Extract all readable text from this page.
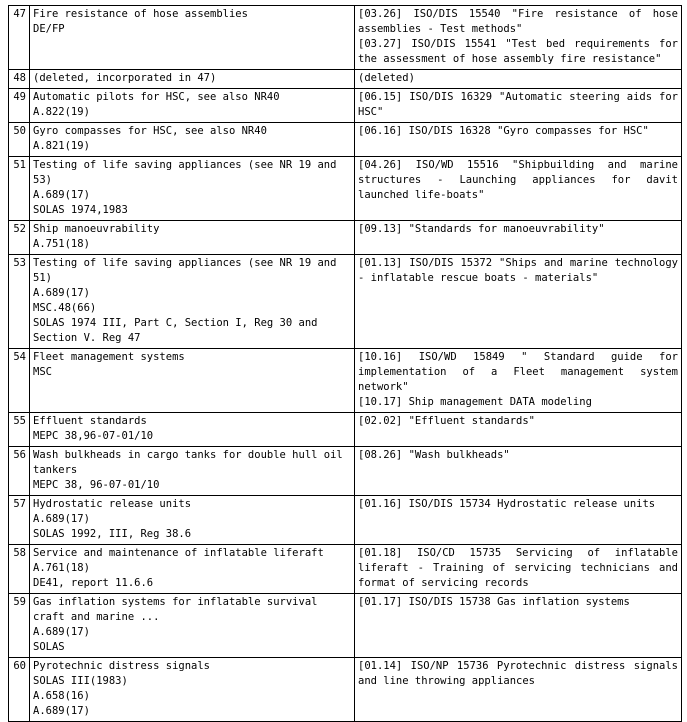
47	Fire resistance of hose assemblies
DE/FP	[03.26] ISO/DIS 15540 "Fire resistance of hose assemblies - Test methods"
[03.27] ISO/DIS 15541 "Test bed requirements for the assessment of hose assembly fire resistance"

48	(deleted, incorporated in 47)	(deleted)

49	Automatic pilots for HSC, see also NR40
A.822(19)	[06.15] ISO/DIS 16329 "Automatic steering aids for HSC"

50	Gyro compasses for HSC, see also NR40
A.821(19)	[06.16] ISO/DIS 16328 "Gyro compasses for HSC"

51	Testing of life saving appliances (see NR 19 and 53)
A.689(17)
SOLAS 1974,1983	[04.26] ISO/WD 15516 "Shipbuilding and marine structures - Launching appliances for davit launched life-boats"

52	Ship manoeuvrability
A.751(18)	[09.13] "Standards for manoeuvrability"

53	Testing of life saving appliances (see NR 19 and 51)
A.689(17)
MSC.48(66)
SOLAS 1974 III, Part C, Section I, Reg 30 and Section V. Reg 47	[01.13] ISO/DIS 15372 "Ships and marine technology - inflatable rescue boats - materials"

54	Fleet management systems
MSC	[10.16] ISO/WD 15849 " Standard guide for implementation of a Fleet management system network"
[10.17] Ship management DATA modeling

55	Effluent standards
MEPC 38,96-07-01/10	[02.02] "Effluent standards"

56	Wash bulkheads in cargo tanks for double hull oil tankers
MEPC 38, 96-07-01/10	[08.26] "Wash bulkheads"

57	Hydrostatic release units
A.689(17)
SOLAS 1992, III, Reg 38.6	[01.16] ISO/DIS 15734 Hydrostatic release units

58	Service and maintenance of inflatable liferaft
A.761(18)
DE41, report 11.6.6	[01.18] ISO/CD 15735 Servicing of inflatable liferaft - Training of servicing technicians and format of servicing records

59	Gas inflation systems for inflatable survival craft and marine ...
A.689(17)
SOLAS	[01.17] ISO/DIS 15738 Gas inflation systems

60	Pyrotechnic distress signals
SOLAS III(1983)
A.658(16)
A.689(17)	[01.14] ISO/NP 15736 Pyrotechnic distress signals and line throwing appliances
